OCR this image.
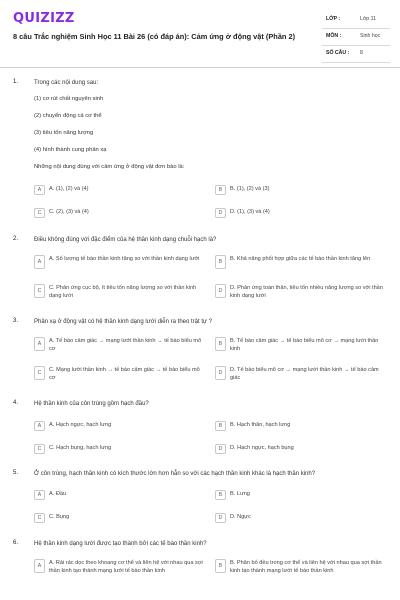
QUIZIZZ
8 câu Trắc nghiệm Sinh Học 11 Bài 26 (có đáp án): Cảm ứng ở động vật (Phần 2)
LỚP :	Lớp 11
MÔN :	Sinh học
SỐ CÂU : 8
1.	Trong các nội dung sau:
(1) cơ rút chất nguyên sinh
(2) chuyển động cả cơ thể
(3) tiêu tốn năng lượng
(4) hình thành cung phản xạ
Những nội dung đúng với cảm ứng ở động vật đơn bào là:
A	A. (1), (2) và (4)	B	B. (1), (2) và (3)
C	C. (2), (3) và (4)	D	D. (1), (3) và (4)
2.	Điều không đúng với đặc điểm của hệ thần kinh dạng chuỗi hạch là?
A	A. Số lượng tế bào thần kinh tăng so với thần kinh dạng lưới	B	B. Khả năng phối hợp giữa các tế bào thần kinh tăng lên
C	C. Phản ứng cục bộ, ít tiêu tốn năng lượng so với thần kinh dạng lưới
D	D. Phản ứng toàn thân, tiêu tốn nhiều năng lượng so với thần kinh dạng lưới
3.	Phản xạ ở động vật có hệ thần kinh dạng lưới diễn ra theo trật tự ?
A	A. Tế bào cảm giác → mạng lưới thần kinh → tế bào biểu mô cơ
B	B. Tế bào cảm giác → tế bào biểu mô cơ → mạng lưới thần kinh
C	C. Mạng lưới thần kinh → tế bào cảm giác → tế bào biểu mô cơ
D	D. Tế bào biểu mô cơ → mạng lưới thần kinh → tế bào cảm giác
4.	Hệ thần kinh của côn trùng gồm hạch đầu?
A	A. Hạch ngực, hạch lưng	B	B. Hạch thân, hạch lưng
C	C. Hạch bụng, hạch lưng	D	D. Hạch ngực, hạch bụng
5.	Ở côn trùng, hạch thần kinh có kích thước lớn hơn hẳn so với các hạch thần kinh khác là hạch thần kinh?
A	A. Đầu	B	B. Lưng
C	C. Bụng	D	D. Ngực
6.	Hệ thần kinh dạng lưới được tạo thành bởi các tế bào thần kinh?
A	A. Rải rác dọc theo khoang cơ thể và liên hệ với nhau qua sợi thần kinh tạo thành mạng lưới tế bào thần kinh
B	B. Phân bố đều trong cơ thể và liên hệ với nhau qua sợi thần kinh tạo thành mạng lưới tế bào thần kinh
